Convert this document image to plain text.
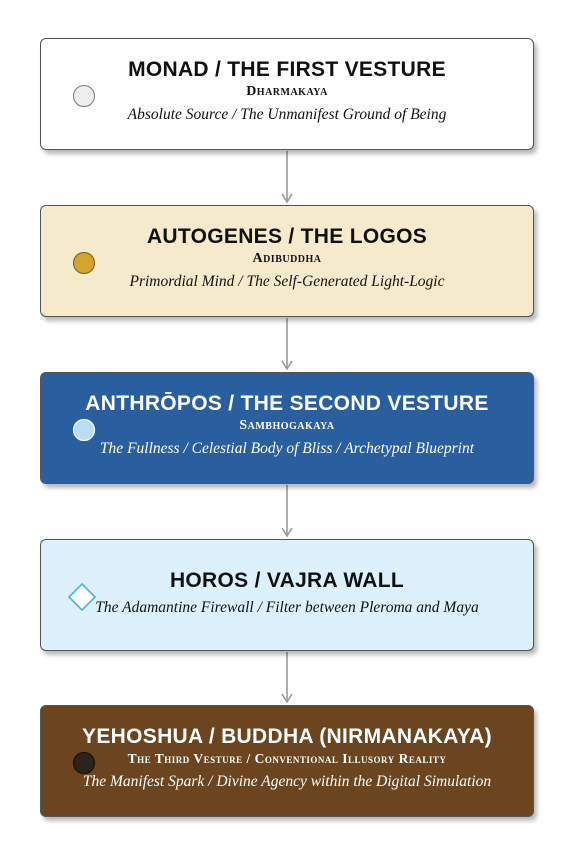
MONAD / THE FIRST VESTURE
Dharmakaya
Absolute Source / The Unmanifest Ground of Being
AUTOGENES / THE LOGOS
Adibuddha
Primordial Mind / The Self-Generated Light-Logic
ANTHRŌPOS / THE SECOND VESTURE
Sambhogakaya
The Fullness / Celestial Body of Bliss / Archetypal Blueprint
HOROS / VAJRA WALL
The Adamantine Firewall / Filter between Pleroma and Maya
YEHOSHUA / BUDDHA (NIRMANAKAYA)
The Third Vesture / Conventional Illusory Reality
The Manifest Spark / Divine Agency within the Digital Simulation
